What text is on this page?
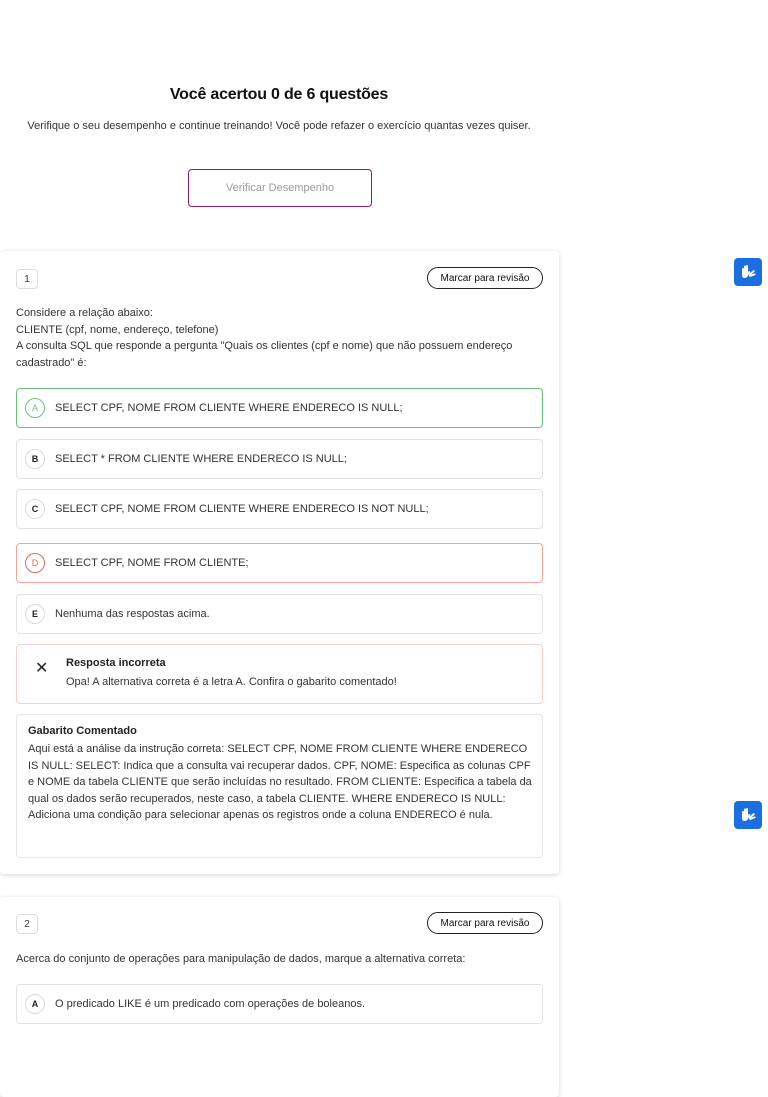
Você acertou 0 de 6 questões

Verifique o seu desempenho e continue treinando! Você pode refazer o exercício quantas vezes quiser.

Verificar Desempenho
1	Marcar para revisão
Considere a relação abaixo:
CLIENTE (cpf, nome, endereço, telefone)
A consulta SQL que responde a pergunta "Quais os clientes (cpf e nome) que não possuem endereço cadastrado" é:
A	SELECT CPF, NOME FROM CLIENTE WHERE ENDERECO IS NULL;
B	SELECT * FROM CLIENTE WHERE ENDERECO IS NULL;
C	SELECT CPF, NOME FROM CLIENTE WHERE ENDERECO IS NOT NULL;
D	SELECT CPF, NOME FROM CLIENTE;
E	Nenhuma das respostas acima.
✕ Resposta incorreta
Opa! A alternativa correta é a letra A. Confira o gabarito comentado!
Gabarito Comentado
Aqui está a análise da instrução correta: SELECT CPF, NOME FROM CLIENTE WHERE ENDERECO IS NULL: SELECT: Indica que a consulta vai recuperar dados. CPF, NOME: Especifica as colunas CPF e NOME da tabela CLIENTE que serão incluídas no resultado. FROM CLIENTE: Especifica a tabela da qual os dados serão recuperados, neste caso, a tabela CLIENTE. WHERE ENDERECO IS NULL: Adiciona uma condição para selecionar apenas os registros onde a coluna ENDERECO é nula.
2	Marcar para revisão
Acerca do conjunto de operações para manipulação de dados, marque a alternativa correta:
A	O predicado LIKE é um predicado com operações de boleanos.
